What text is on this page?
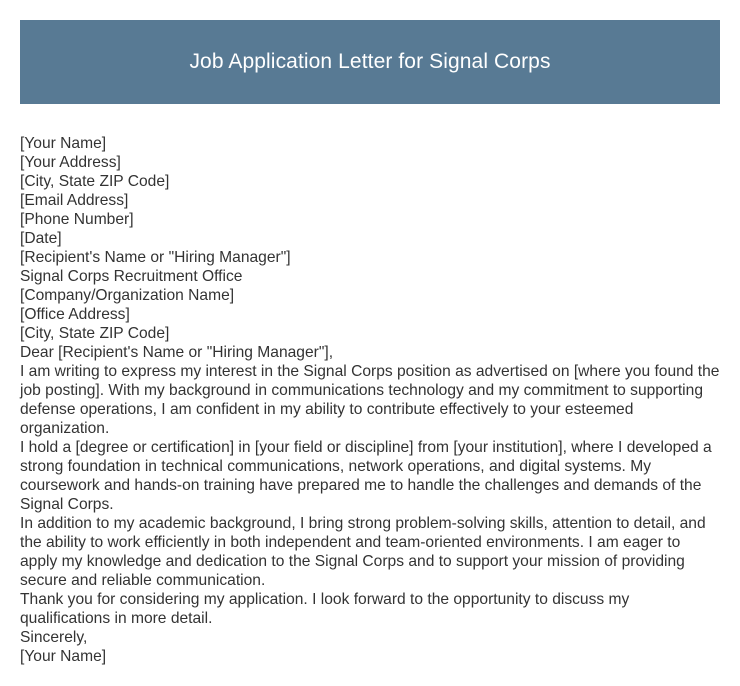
Job Application Letter for Signal Corps
[Your Name]
[Your Address]
[City, State ZIP Code]
[Email Address]
[Phone Number]
[Date]
[Recipient's Name or "Hiring Manager"]
Signal Corps Recruitment Office
[Company/Organization Name]
[Office Address]
[City, State ZIP Code]
Dear [Recipient's Name or "Hiring Manager"],
I am writing to express my interest in the Signal Corps position as advertised on [where you found the job posting]. With my background in communications technology and my commitment to supporting defense operations, I am confident in my ability to contribute effectively to your esteemed organization.
I hold a [degree or certification] in [your field or discipline] from [your institution], where I developed a strong foundation in technical communications, network operations, and digital systems. My coursework and hands-on training have prepared me to handle the challenges and demands of the Signal Corps.
In addition to my academic background, I bring strong problem-solving skills, attention to detail, and the ability to work efficiently in both independent and team-oriented environments. I am eager to apply my knowledge and dedication to the Signal Corps and to support your mission of providing secure and reliable communication.
Thank you for considering my application. I look forward to the opportunity to discuss my qualifications in more detail.
Sincerely,
[Your Name]
